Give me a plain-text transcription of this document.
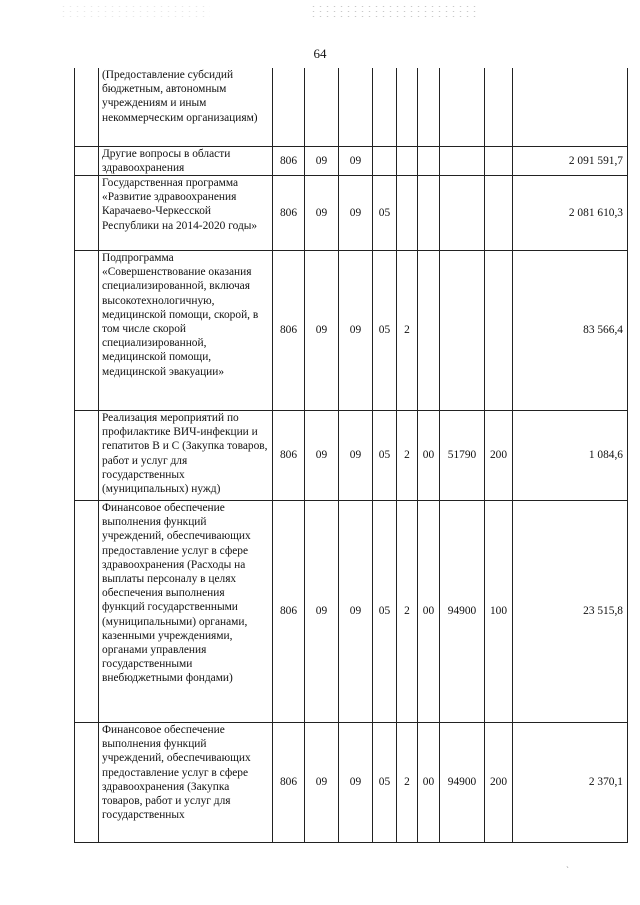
64
	(Предоставление субсидий бюджетным, автономным учреждениям и иным некоммерческим организациям)									
	Другие вопросы в области здравоохранения	806	09	09						2 091 591,7
	Государственная программа «Развитие здравоохранения Карачаево-Черкесской Республики на 2014-2020 годы»	806	09	09	05					2 081 610,3
	Подпрограмма «Совершенствование оказания специализированной, включая высокотехнологичную, медицинской помощи, скорой, в том числе скорой специализированной, медицинской помощи, медицинской эвакуации»	806	09	09	05	2				83 566,4
	Реализация мероприятий по профилактике ВИЧ-инфекции и гепатитов В и С (Закупка товаров, работ и услуг для государственных (муниципальных) нужд)	806	09	09	05	2	00	51790	200	1 084,6
	Финансовое обеспечение выполнения функций учреждений, обеспечивающих предоставление услуг в сфере здравоохранения (Расходы на выплаты персоналу в целях обеспечения выполнения функций государственными (муниципальными) органами, казенными учреждениями, органами управления государственными внебюджетными фондами)	806	09	09	05	2	00	94900	100	23 515,8
	Финансовое обеспечение выполнения функций учреждений, обеспечивающих предоставление услуг в сфере здравоохранения (Закупка товаров, работ и услуг для государственных	806	09	09	05	2	00	94900	200	2 370,1
`
